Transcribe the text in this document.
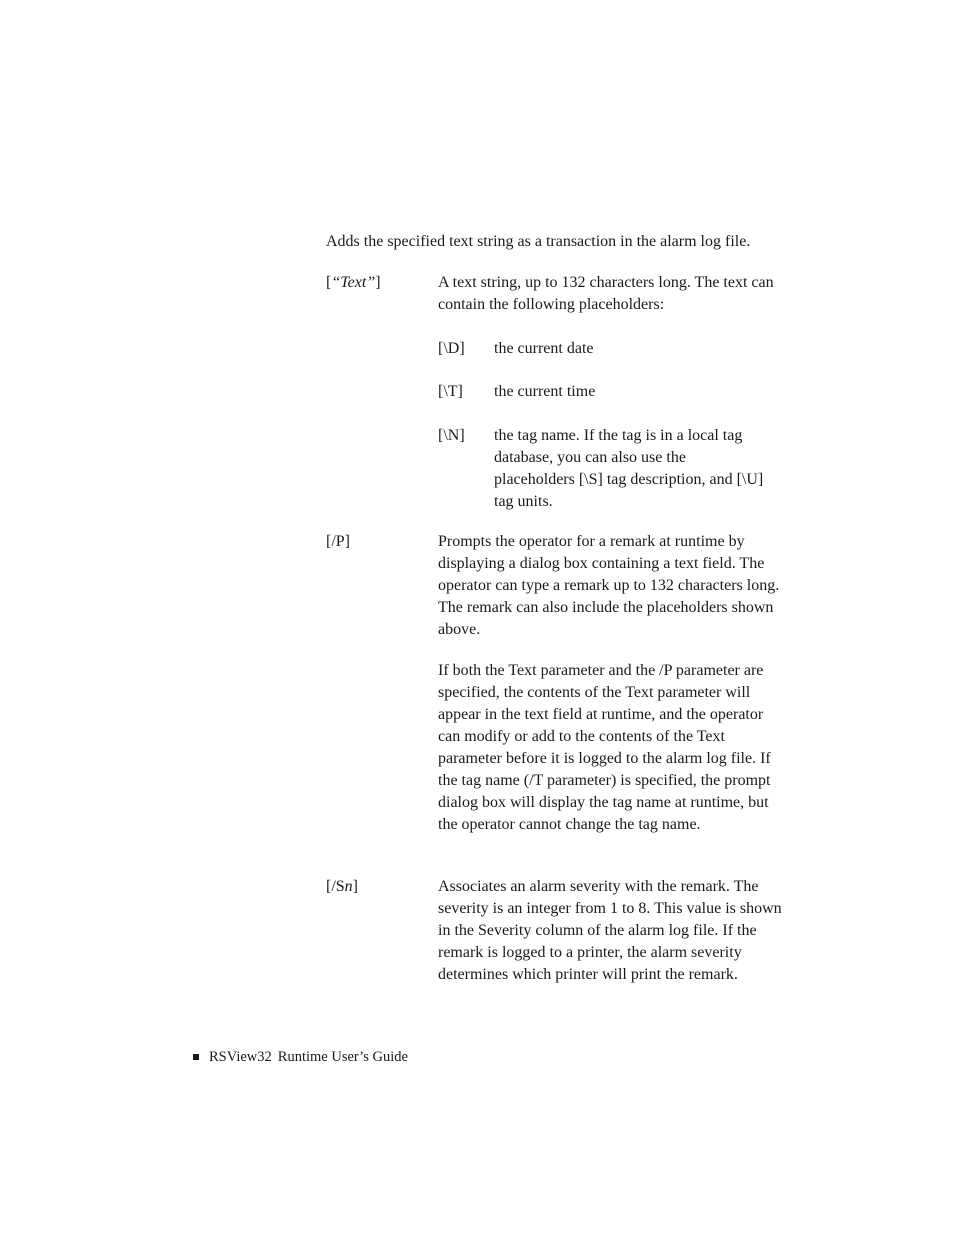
Adds the specified text string as a transaction in the alarm log file.
[“Text”]	A text string, up to 132 characters long. The text can contain the following placeholders:
[\D] the current date
[\T] the current time
[\N] the tag name. If the tag is in a local tag database, you can also use the placeholders [\S] tag description, and [\U] tag units.
[/P]	Prompts the operator for a remark at runtime by displaying a dialog box containing a text field. The operator can type a remark up to 132 characters long. The remark can also include the placeholders shown above.
If both the Text parameter and the /P parameter are specified, the contents of the Text parameter will appear in the text field at runtime, and the operator can modify or add to the contents of the Text parameter before it is logged to the alarm log file. If the tag name (/T parameter) is specified, the prompt dialog box will display the tag name at runtime, but the operator cannot change the tag name.
[/Sn]	Associates an alarm severity with the remark. The severity is an integer from 1 to 8. This value is shown in the Severity column of the alarm log file. If the remark is logged to a printer, the alarm severity determines which printer will print the remark.
RSView32 Runtime User’s Guide
